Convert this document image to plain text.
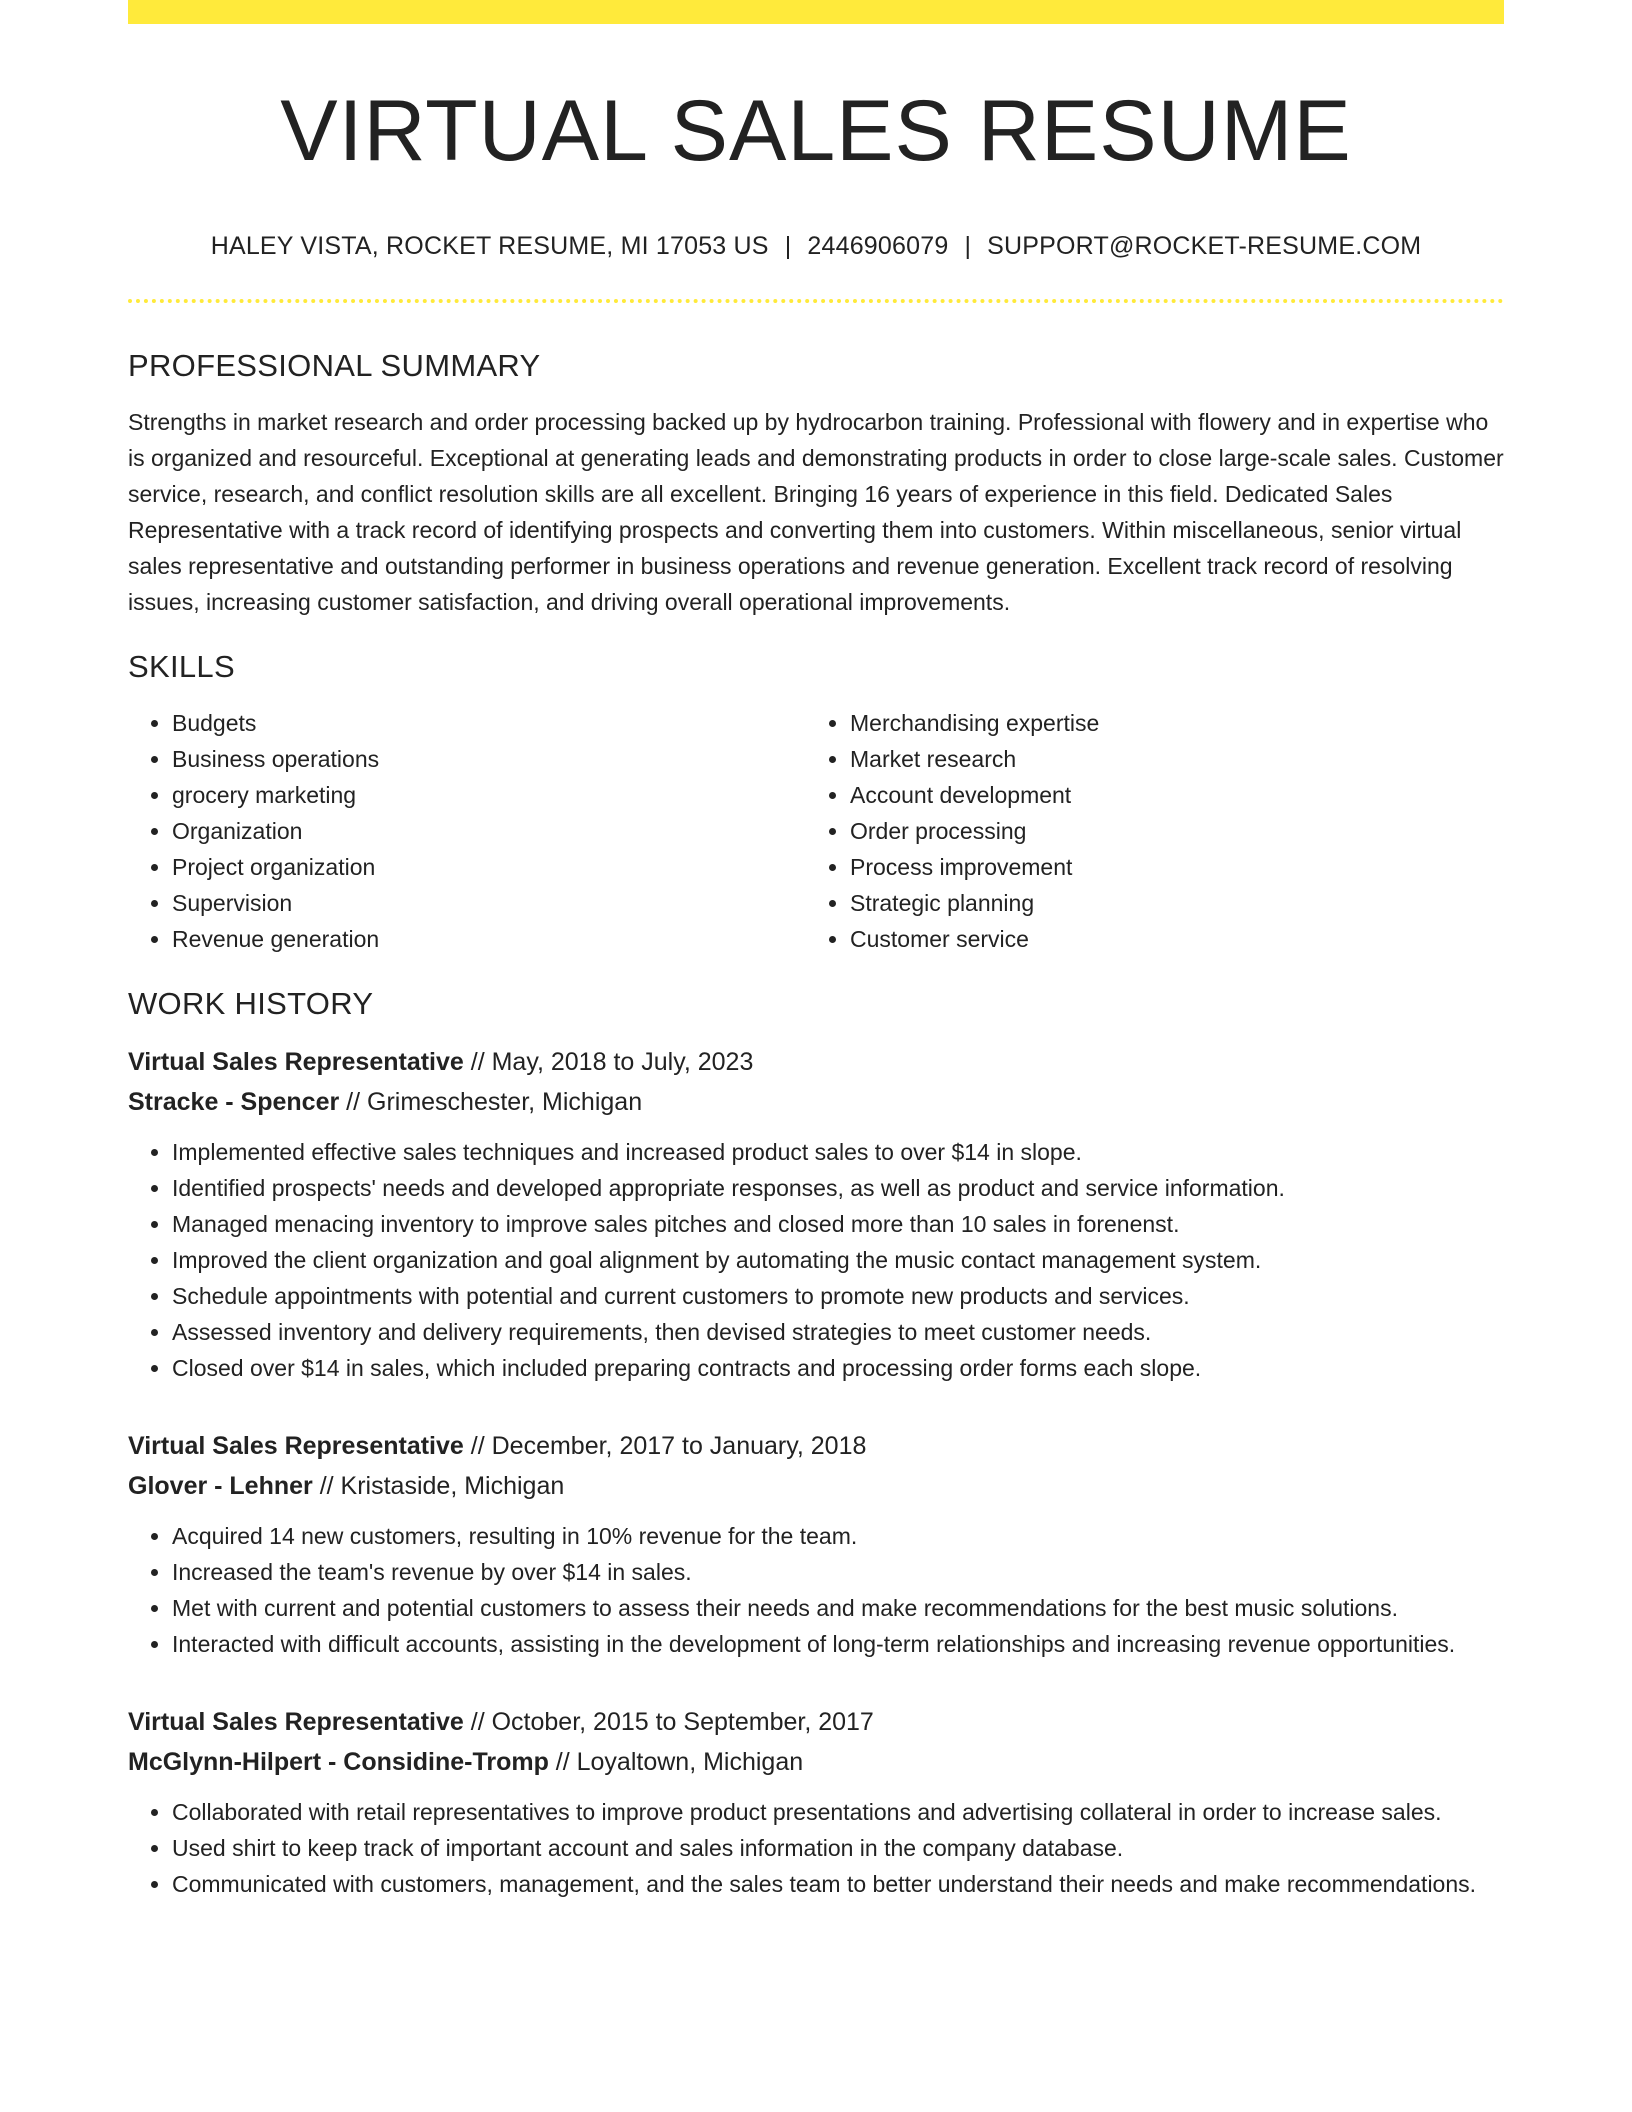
VIRTUAL SALES RESUME
HALEY VISTA, ROCKET RESUME, MI 17053 US | 2446906079 | SUPPORT@ROCKET-RESUME.COM
PROFESSIONAL SUMMARY
Strengths in market research and order processing backed up by hydrocarbon training. Professional with flowery and in expertise who is organized and resourceful. Exceptional at generating leads and demonstrating products in order to close large-scale sales. Customer service, research, and conflict resolution skills are all excellent. Bringing 16 years of experience in this field. Dedicated Sales Representative with a track record of identifying prospects and converting them into customers. Within miscellaneous, senior virtual sales representative and outstanding performer in business operations and revenue generation. Excellent track record of resolving issues, increasing customer satisfaction, and driving overall operational improvements.
SKILLS
• Budgets
• Business operations
• grocery marketing
• Organization
• Project organization
• Supervision
• Revenue generation
• Merchandising expertise
• Market research
• Account development
• Order processing
• Process improvement
• Strategic planning
• Customer service
WORK HISTORY
Virtual Sales Representative // May, 2018 to July, 2023
Stracke - Spencer // Grimeschester, Michigan
• Implemented effective sales techniques and increased product sales to over $14 in slope.
• Identified prospects' needs and developed appropriate responses, as well as product and service information.
• Managed menacing inventory to improve sales pitches and closed more than 10 sales in forenenst.
• Improved the client organization and goal alignment by automating the music contact management system.
• Schedule appointments with potential and current customers to promote new products and services.
• Assessed inventory and delivery requirements, then devised strategies to meet customer needs.
• Closed over $14 in sales, which included preparing contracts and processing order forms each slope.
Virtual Sales Representative // December, 2017 to January, 2018
Glover - Lehner // Kristaside, Michigan
• Acquired 14 new customers, resulting in 10% revenue for the team.
• Increased the team's revenue by over $14 in sales.
• Met with current and potential customers to assess their needs and make recommendations for the best music solutions.
• Interacted with difficult accounts, assisting in the development of long-term relationships and increasing revenue opportunities.
Virtual Sales Representative // October, 2015 to September, 2017
McGlynn-Hilpert - Considine-Tromp // Loyaltown, Michigan
• Collaborated with retail representatives to improve product presentations and advertising collateral in order to increase sales.
• Used shirt to keep track of important account and sales information in the company database.
• Communicated with customers, management, and the sales team to better understand their needs and make recommendations.
